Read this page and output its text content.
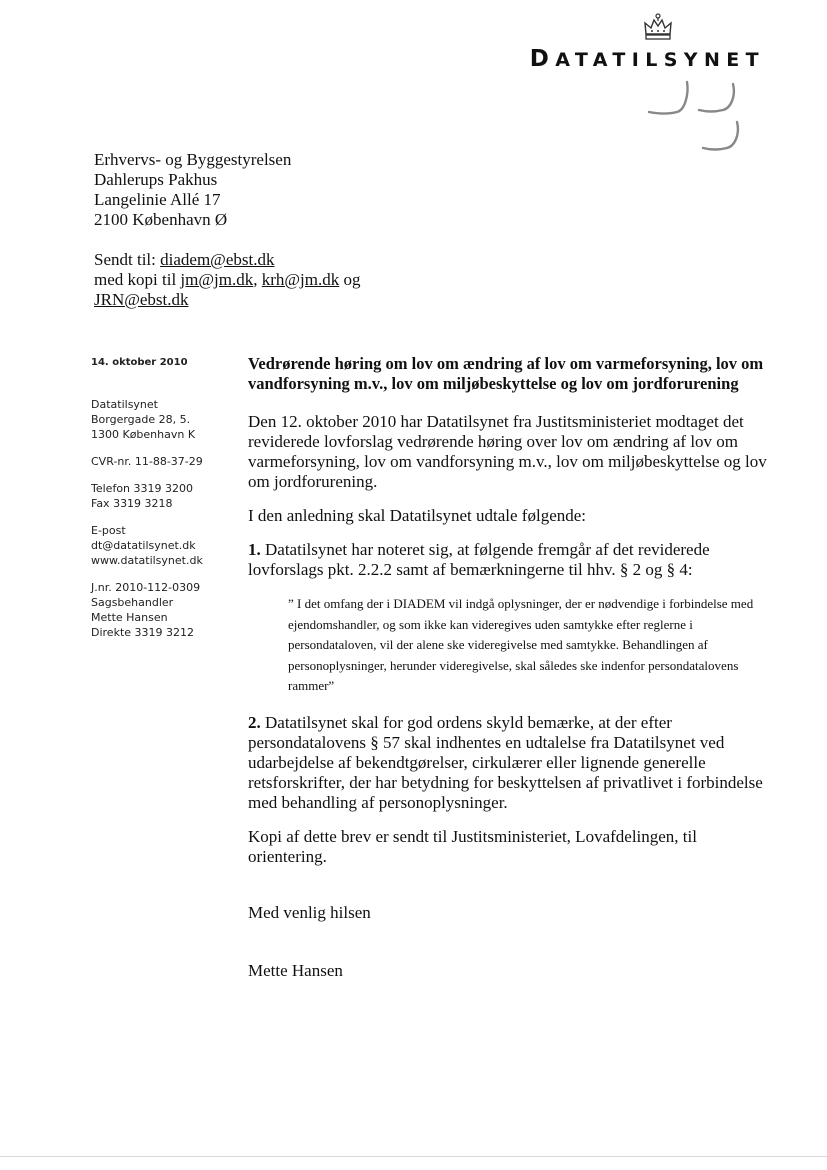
DATATILSYNET
Erhvervs- og Byggestyrelsen
Dahlerups Pakhus
Langelinie Allé 17
2100 København Ø
Sendt til: diadem@ebst.dk
med kopi til jm@jm.dk, krh@jm.dk og
JRN@ebst.dk
14. oktober 2010
Datatilsynet
Borgergade 28, 5.
1300 København K
CVR-nr. 11-88-37-29
Telefon 3319 3200
Fax 3319 3218
E-post
dt@datatilsynet.dk
www.datatilsynet.dk
J.nr. 2010-112-0309
Sagsbehandler
Mette Hansen
Direkte 3319 3212
Vedrørende høring om lov om ændring af lov om varmeforsyning, lov om vandforsyning m.v., lov om miljøbeskyttelse og lov om jordforurening
Den 12. oktober 2010 har Datatilsynet fra Justitsministeriet modtaget det reviderede lovforslag vedrørende høring over lov om ændring af lov om varmeforsyning, lov om vandforsyning m.v., lov om miljøbeskyttelse og lov om jordforurening.
I den anledning skal Datatilsynet udtale følgende:
1. Datatilsynet har noteret sig, at følgende fremgår af det reviderede lovforslags pkt. 2.2.2 samt af bemærkningerne til hhv. § 2 og § 4:
” I det omfang der i DIADEM vil indgå oplysninger, der er nødvendige i forbindelse med ejendomshandler, og som ikke kan videregives uden samtykke efter reglerne i persondataloven, vil der alene ske videregivelse med samtykke. Behandlingen af personoplysninger, herunder videregivelse, skal således ske indenfor persondatalovens rammer”
2. Datatilsynet skal for god ordens skyld bemærke, at der efter persondatalovens § 57 skal indhentes en udtalelse fra Datatilsynet ved udarbejdelse af bekendtgørelser, cirkulærer eller lignende generelle retsforskrifter, der har betydning for beskyttelsen af privatlivet i forbindelse med behandling af personoplysninger.
Kopi af dette brev er sendt til Justitsministeriet, Lovafdelingen, til orientering.
Med venlig hilsen
Mette Hansen
